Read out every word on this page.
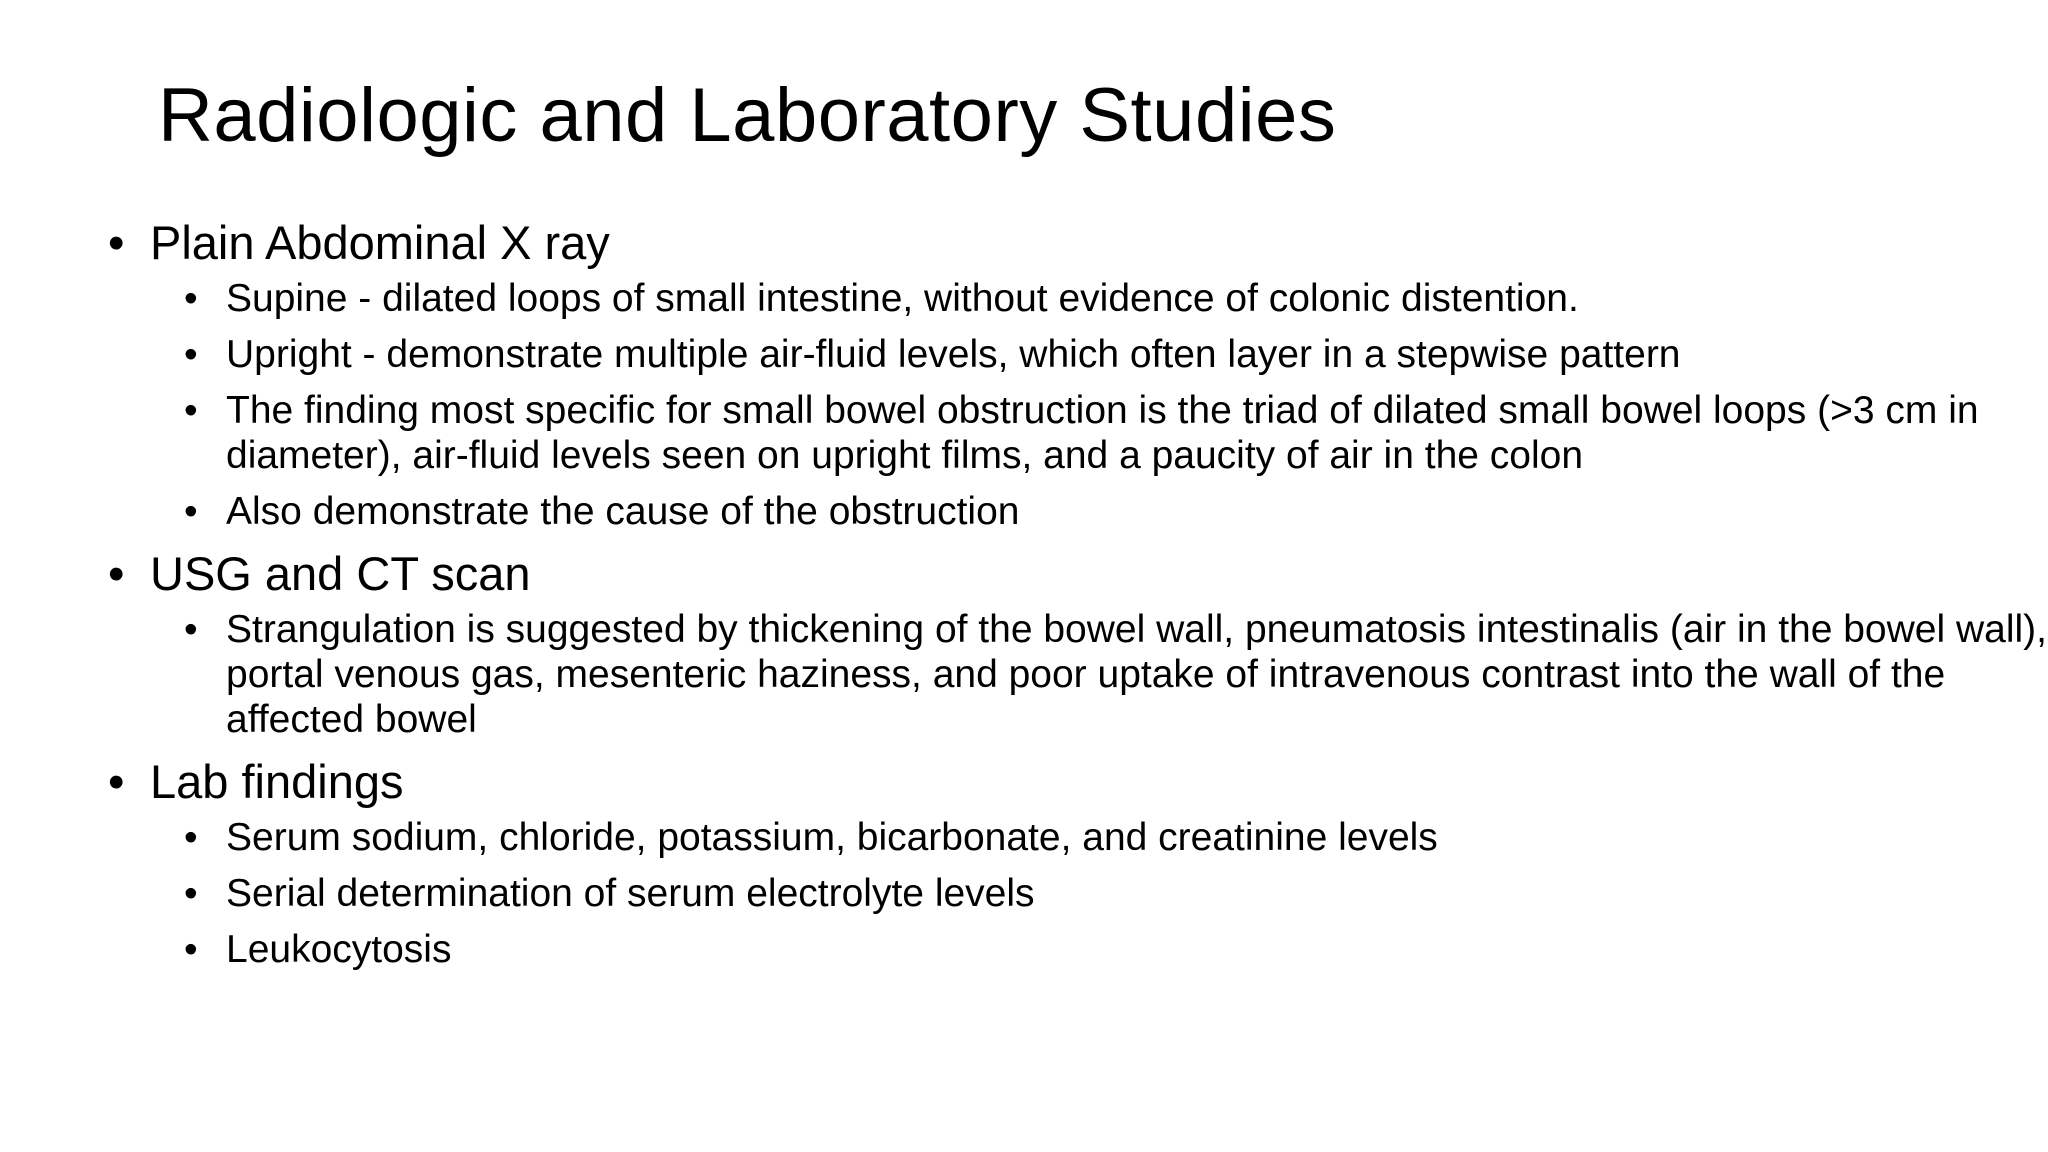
Radiologic and Laboratory Studies
• Plain Abdominal X ray
• Supine - dilated loops of small intestine, without evidence of colonic distention.
• Upright - demonstrate multiple air-fluid levels, which often layer in a stepwise pattern
• The finding most specific for small bowel obstruction is the triad of dilated small bowel loops (>3 cm in diameter), air-fluid levels seen on upright films, and a paucity of air in the colon
• Also demonstrate the cause of the obstruction
• USG and CT scan
• Strangulation is suggested by thickening of the bowel wall, pneumatosis intestinalis (air in the bowel wall), portal venous gas, mesenteric haziness, and poor uptake of intravenous contrast into the wall of the affected bowel
• Lab findings
• Serum sodium, chloride, potassium, bicarbonate, and creatinine levels
• Serial determination of serum electrolyte levels
• Leukocytosis
